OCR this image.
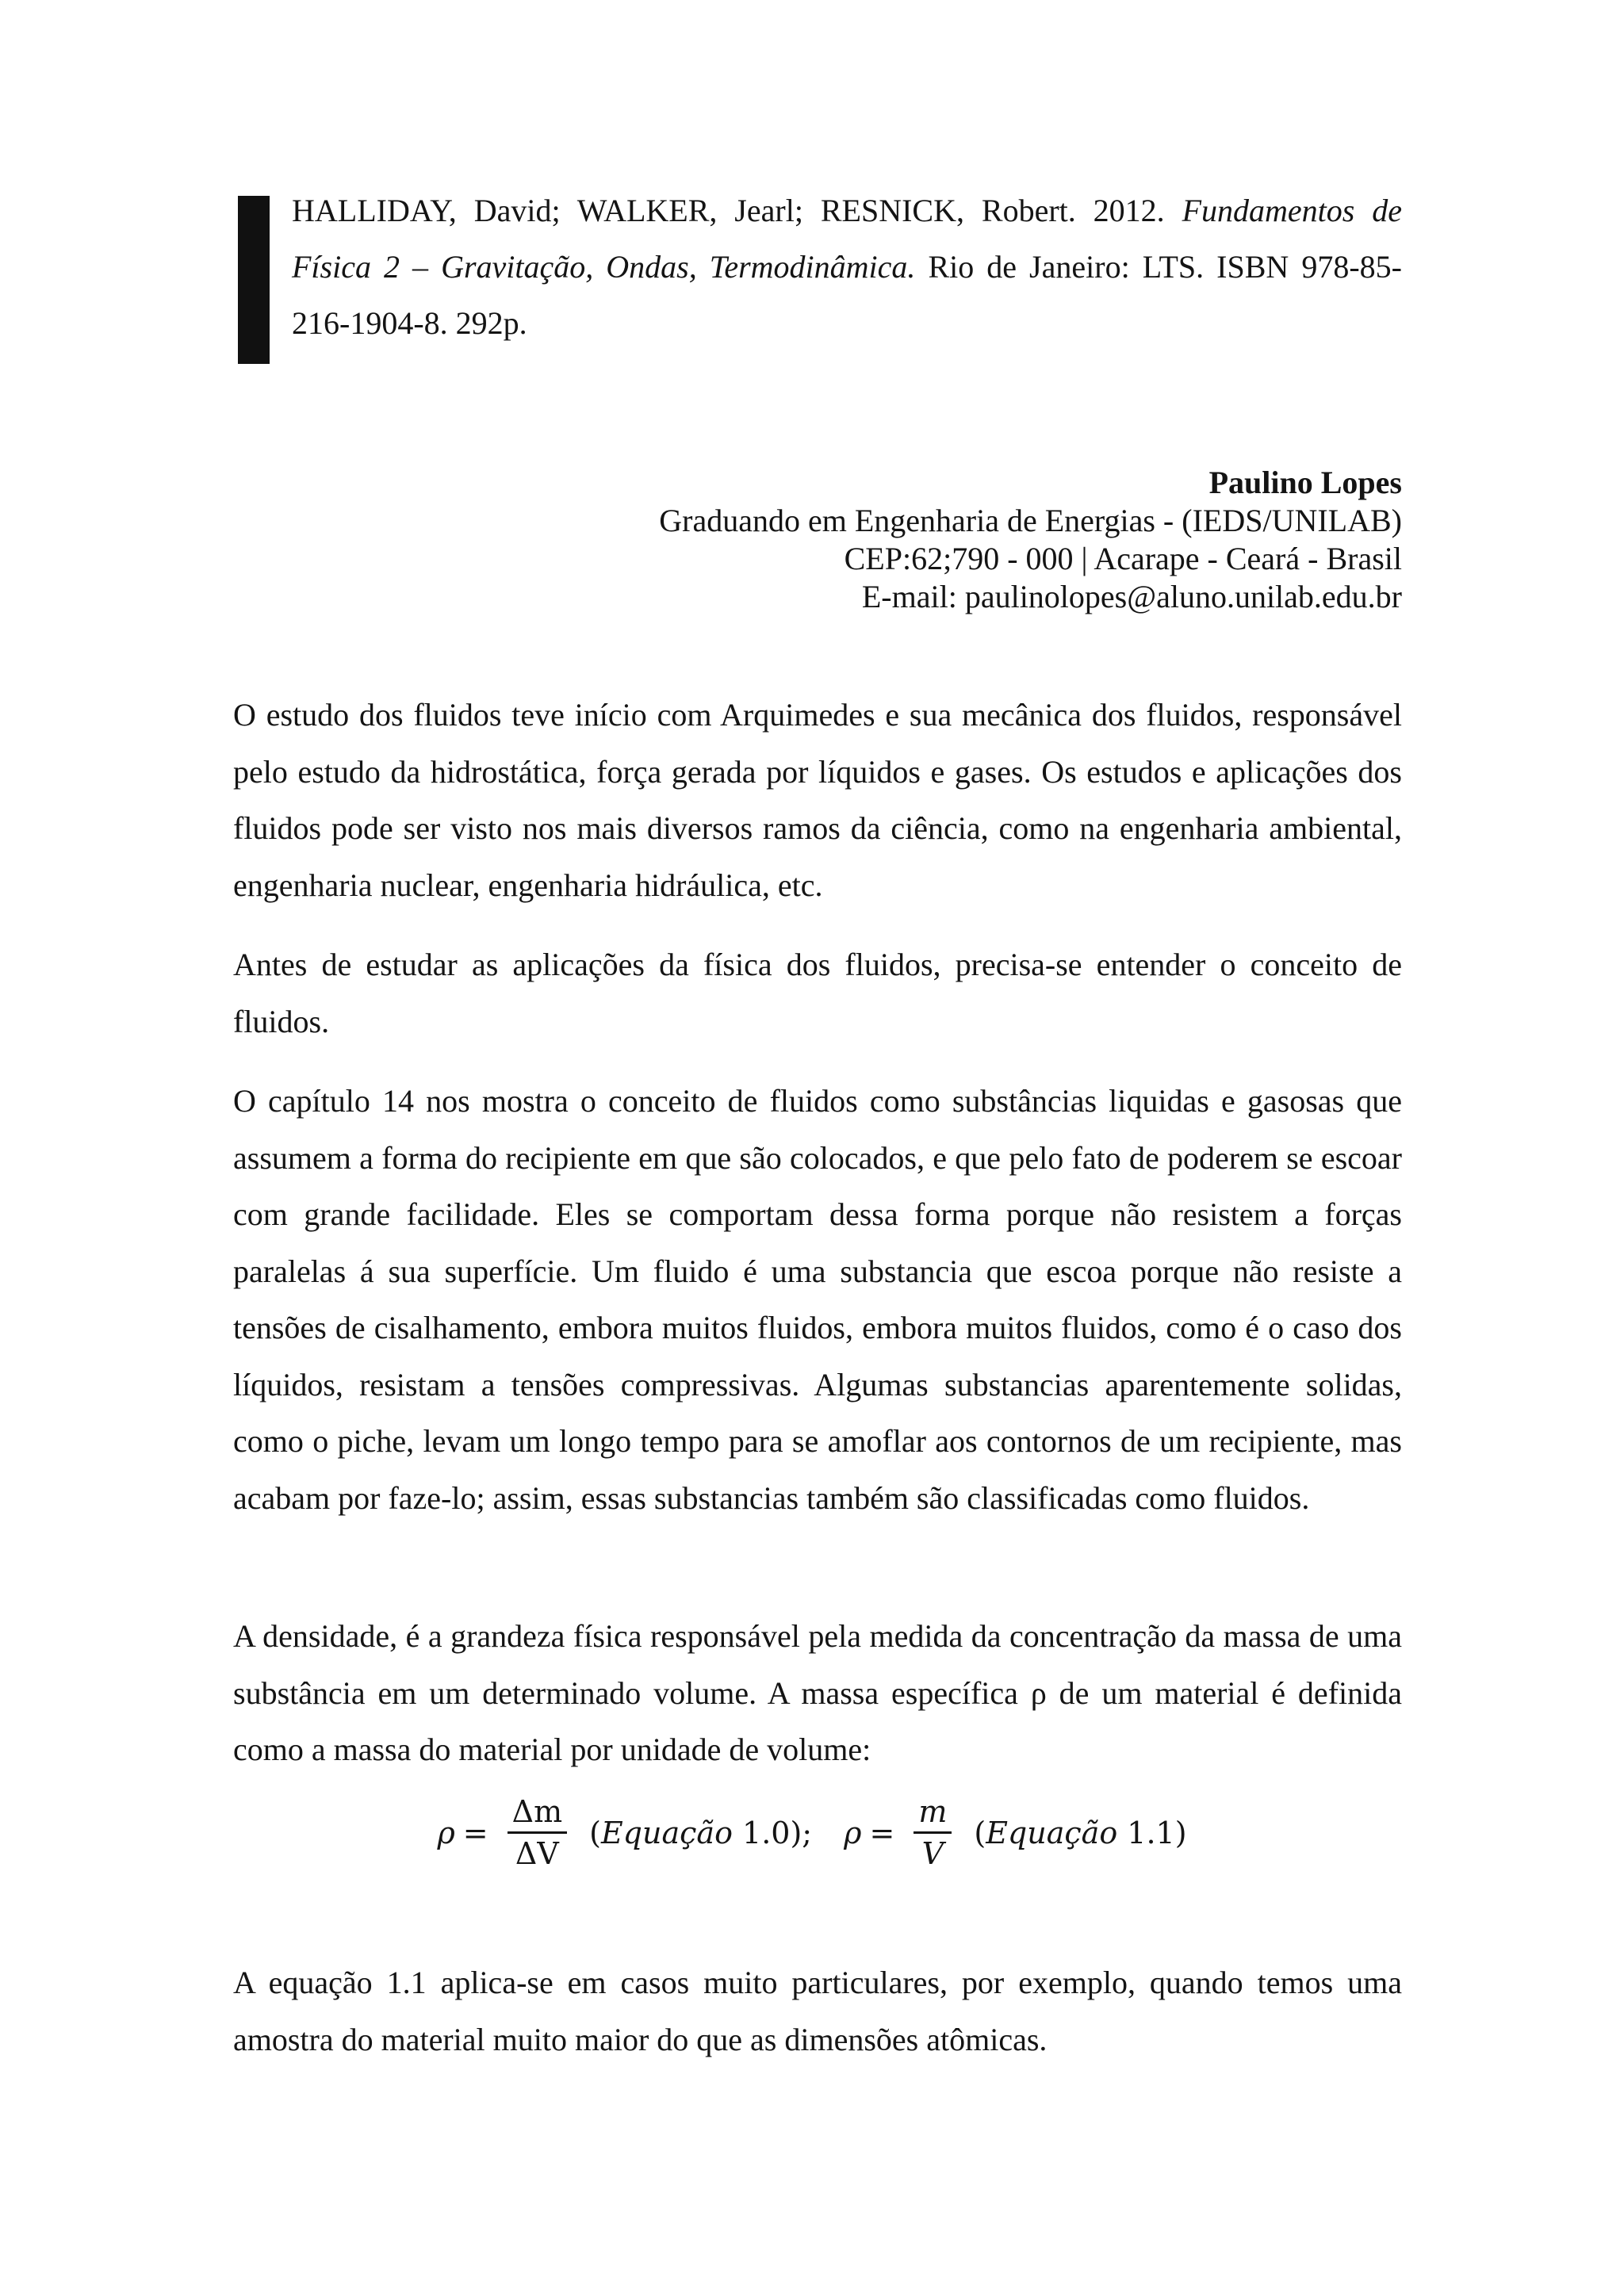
HALLIDAY, David; WALKER, Jearl; RESNICK, Robert. 2012. Fundamentos de Física 2 – Gravitação, Ondas, Termodinâmica. Rio de Janeiro: LTS. ISBN 978-85-216-1904-8. 292p.

Paulino Lopes
Graduando em Engenharia de Energias - (IEDS/UNILAB)
CEP:62;790 - 000 | Acarape - Ceará - Brasil
E-mail: paulinolopes@aluno.unilab.edu.br

O estudo dos fluidos teve início com Arquimedes e sua mecânica dos fluidos, responsável pelo estudo da hidrostática, força gerada por líquidos e gases. Os estudos e aplicações dos fluidos pode ser visto nos mais diversos ramos da ciência, como na engenharia ambiental, engenharia nuclear, engenharia hidráulica, etc.

Antes de estudar as aplicações da física dos fluidos, precisa-se entender o conceito de fluidos.

O capítulo 14 nos mostra o conceito de fluidos como substâncias liquidas e gasosas que assumem a forma do recipiente em que são colocados, e que pelo fato de poderem se escoar com grande facilidade. Eles se comportam dessa forma porque não resistem a forças paralelas á sua superfície. Um fluido é uma substancia que escoa porque não resiste a tensões de cisalhamento, embora muitos fluidos, embora muitos fluidos, como é o caso dos líquidos, resistam a tensões compressivas. Algumas substancias aparentemente solidas, como o piche, levam um longo tempo para se amoflar aos contornos de um recipiente, mas acabam por faze-lo; assim, essas substancias também são classificadas como fluidos.

A densidade, é a grandeza física responsável pela medida da concentração da massa de uma substância em um determinado volume. A massa específica ρ de um material é definida como a massa do material por unidade de volume:

$\rho = \frac{\Delta m}{\Delta V}$ (Equação 1.0); $\rho = \frac{m}{V}$ (Equação 1.1)

A equação 1.1 aplica-se em casos muito particulares, por exemplo, quando temos uma amostra do material muito maior do que as dimensões atômicas.
